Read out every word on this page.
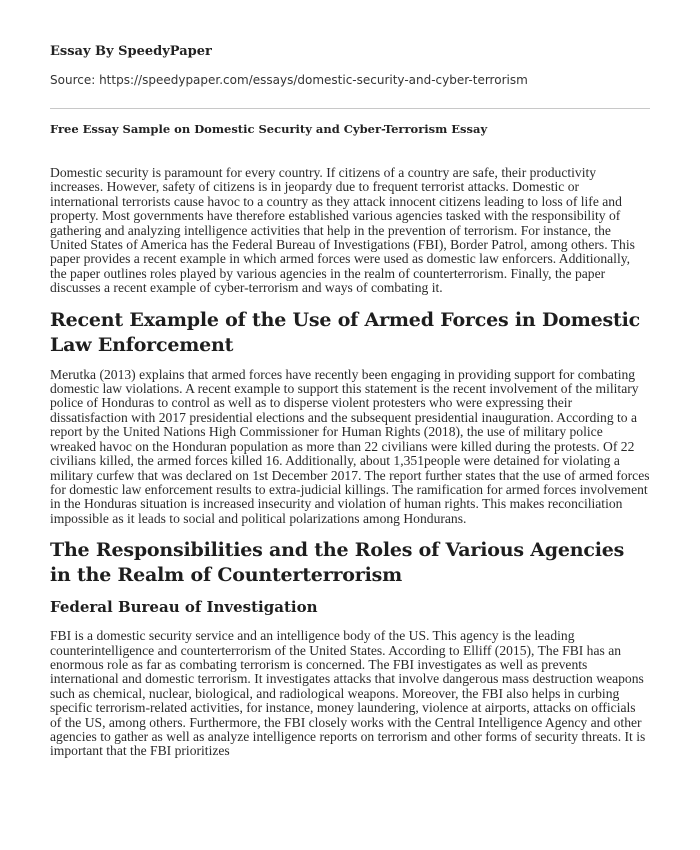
Essay By SpeedyPaper
Source: https://speedypaper.com/essays/domestic-security-and-cyber-terrorism
Free Essay Sample on Domestic Security and Cyber-Terrorism Essay

Domestic security is paramount for every country. If citizens of a country are safe, their productivity increases. However, safety of citizens is in jeopardy due to frequent terrorist attacks. Domestic or international terrorists cause havoc to a country as they attack innocent citizens leading to loss of life and property. Most governments have therefore established various agencies tasked with the responsibility of gathering and analyzing intelligence activities that help in the prevention of terrorism. For instance, the United States of America has the Federal Bureau of Investigations (FBI), Border Patrol, among others. This paper provides a recent example in which armed forces were used as domestic law enforcers. Additionally, the paper outlines roles played by various agencies in the realm of counterterrorism. Finally, the paper discusses a recent example of cyber-terrorism and ways of combating it.

Recent Example of the Use of Armed Forces in Domestic Law Enforcement

Merutka (2013) explains that armed forces have recently been engaging in providing support for combating domestic law violations. A recent example to support this statement is the recent involvement of the military police of Honduras to control as well as to disperse violent protesters who were expressing their dissatisfaction with 2017 presidential elections and the subsequent presidential inauguration. According to a report by the United Nations High Commissioner for Human Rights (2018), the use of military police wreaked havoc on the Honduran population as more than 22 civilians were killed during the protests. Of 22 civilians killed, the armed forces killed 16. Additionally, about 1,351people were detained for violating a military curfew that was declared on 1st December 2017. The report further states that the use of armed forces for domestic law enforcement results to extra-judicial killings. The ramification for armed forces involvement in the Honduras situation is increased insecurity and violation of human rights. This makes reconciliation impossible as it leads to social and political polarizations among Hondurans.

The Responsibilities and the Roles of Various Agencies in the Realm of Counterterrorism
Federal Bureau of Investigation

FBI is a domestic security service and an intelligence body of the US. This agency is the leading counterintelligence and counterterrorism of the United States. According to Elliff (2015), The FBI has an enormous role as far as combating terrorism is concerned. The FBI investigates as well as prevents international and domestic terrorism. It investigates attacks that involve dangerous mass destruction weapons such as chemical, nuclear, biological, and radiological weapons. Moreover, the FBI also helps in curbing specific terrorism-related activities, for instance, money laundering, violence at airports, attacks on officials of the US, among others. Furthermore, the FBI closely works with the Central Intelligence Agency and other agencies to gather as well as analyze intelligence reports on terrorism and other forms of security threats. It is important that the FBI prioritizes
